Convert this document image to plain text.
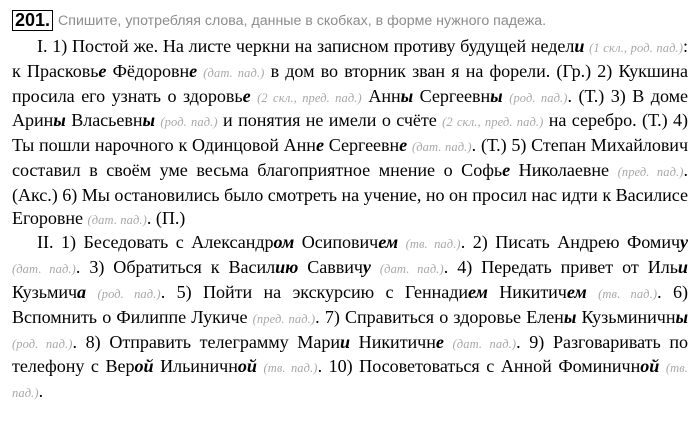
201. Спишите, употребляя слова, данные в скобках, в форме нужного падежа.

I. 1) Постой же. На листе черкни на записном противу будущей недели (1 скл., род. пад.): к Прасковье Фёдоровне (дат. пад.) в дом во вторник зван я на форели. (Гр.) 2) Кукшина просила его узнать о здоровье (2 скл., пред. пад.) Анны Сергеевны (род. пад.). (Т.) 3) В доме Арины Власьевны (род. пад.) и понятия не имели о счёте (2 скл., пред. пад.) на серебро. (Т.) 4) Ты пошли нарочного к Одинцовой Анне Сергеевне (дат. пад.). (Т.) 5) Степан Михайлович составил в своём уме весьма благоприятное мнение о Софье Николаевне (пред. пад.). (Акс.) 6) Мы остановились было смотреть на учение, но он просил нас идти к Василисе Егоровне (дат. пад.). (П.)

II. 1) Беседовать с Александром Осиповичем (тв. пад.). 2) Писать Андрею Фомичу (дат. пад.). 3) Обратиться к Василию Саввичу (дат. пад.). 4) Передать привет от Ильи Кузьмича (род. пад.). 5) Пойти на экскурсию с Геннадием Никитичем (тв. пад.). 6) Вспомнить о Филиппе Лукиче (пред. пад.). 7) Справиться о здоровье Елены Кузьминичны (род. пад.). 8) Отправить телеграмму Марии Никитичне (дат. пад.). 9) Разговаривать по телефону с Верой Ильиничной (тв. пад.). 10) Посоветоваться с Анной Фоминичной (тв. пад.).
